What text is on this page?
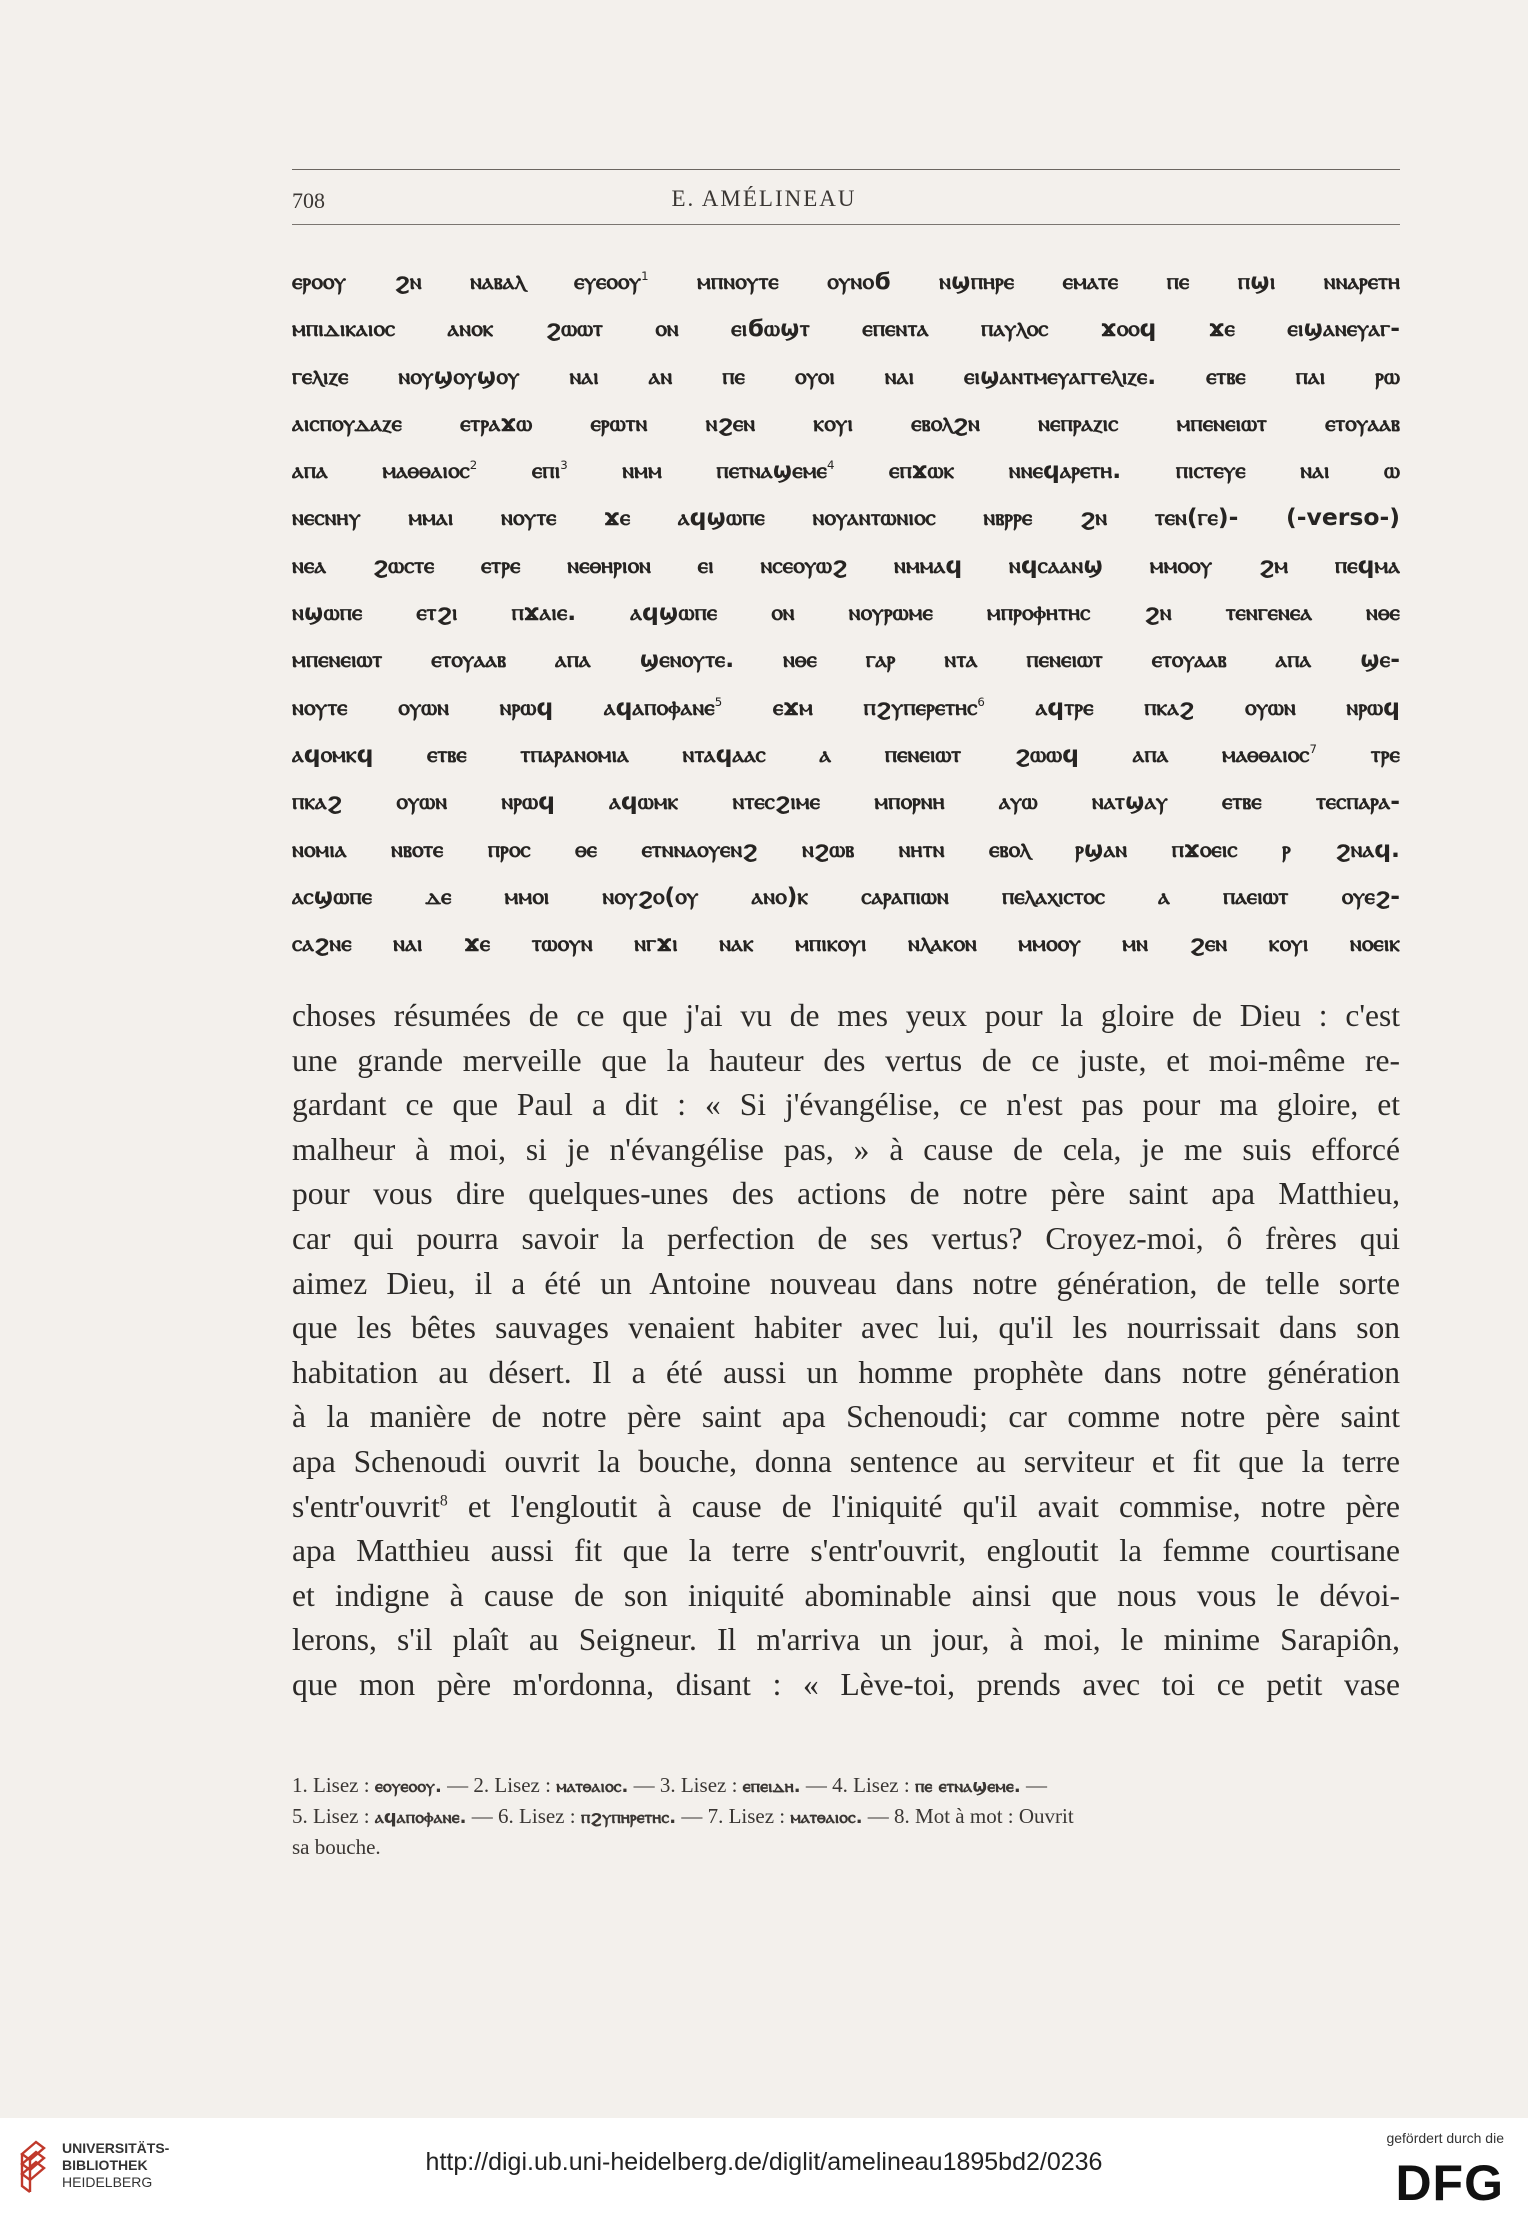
708	E. AMÉLINEAU
ⲉⲣⲟⲟⲩ ϩⲛ ⲛⲁⲃⲁⲗ ⲉⲩⲉⲟⲟⲩ$^1$ ⲙⲡⲛⲟⲩⲧⲉ ⲟⲩⲛⲟϭ ⲛϣⲡⲏⲣⲉ ⲉⲙⲁⲧⲉ ⲡⲉ ⲡϣⲓ ⲛⲛⲁⲣⲉⲧⲏ
ⲙⲡⲓⲇⲓⲕⲁⲓⲟⲥ ⲁⲛⲟⲕ ϩⲱⲱⲧ ⲟⲛ ⲉⲓϭⲱϣⲧ ⲉⲡⲉⲛⲧⲁ ⲡⲁⲩⲗⲟⲥ ϫⲟⲟϥ ϫⲉ ⲉⲓϣⲁⲛⲉⲩⲁⲅ-
ⲅⲉⲗⲓⲍⲉ ⲛⲟⲩϣⲟⲩϣⲟⲩ ⲛⲁⲓ ⲁⲛ ⲡⲉ ⲟⲩⲟⲓ ⲛⲁⲓ ⲉⲓϣⲁⲛⲧⲙⲉⲩⲁⲅⲅⲉⲗⲓⲍⲉ. ⲉⲧⲃⲉ ⲡⲁⲓ ⲣⲱ
ⲁⲓⲥⲡⲟⲩⲇⲁⲍⲉ ⲉⲧⲣⲁϫⲱ ⲉⲣⲱⲧⲛ ⲛϩⲉⲛ ⲕⲟⲩⲓ ⲉⲃⲟⲗϩⲛ ⲛⲉⲡⲣⲁⲍⲓⲥ ⲙⲡⲉⲛⲉⲓⲱⲧ ⲉⲧⲟⲩⲁⲁⲃ
ⲁⲡⲁ ⲙⲁⲑⲑⲁⲓⲟⲥ$^2$ ⲉⲡⲓ$^3$ ⲛⲙⲙ ⲡⲉⲧⲛⲁϣⲉⲙⲉ$^4$ ⲉⲡϫⲱⲕ ⲛⲛⲉϥⲁⲣⲉⲧⲏ. ⲡⲓⲥⲧⲉⲩⲉ ⲛⲁⲓ ⲱ
ⲛⲉⲥⲛⲏⲩ ⲙⲙⲁⲓ ⲛⲟⲩⲧⲉ ϫⲉ ⲁϥϣⲱⲡⲉ ⲛⲟⲩⲁⲛⲧⲱⲛⲓⲟⲥ ⲛⲃⲣⲣⲉ ϩⲛ ⲧⲉⲛ(ⲅⲉ)- (-verso-)
ⲛⲉⲁ ϩⲱⲥⲧⲉ ⲉⲧⲣⲉ ⲛⲉⲑⲏⲣⲓⲟⲛ ⲉⲓ ⲛⲥⲉⲟⲩⲱϩ ⲛⲙⲙⲁϥ ⲛϥⲥⲁⲁⲛϣ ⲙⲙⲟⲟⲩ ϩⲙ ⲡⲉϥⲙⲁ
ⲛϣⲱⲡⲉ ⲉⲧϩⲓ ⲡϫⲁⲓⲉ. ⲁϥϣⲱⲡⲉ ⲟⲛ ⲛⲟⲩⲣⲱⲙⲉ ⲙⲡⲣⲟⲫⲏⲧⲏⲥ ϩⲛ ⲧⲉⲛⲅⲉⲛⲉⲁ ⲛⲑⲉ
ⲙⲡⲉⲛⲉⲓⲱⲧ ⲉⲧⲟⲩⲁⲁⲃ ⲁⲡⲁ ϣⲉⲛⲟⲩⲧⲉ. ⲛⲑⲉ ⲅⲁⲣ ⲛⲧⲁ ⲡⲉⲛⲉⲓⲱⲧ ⲉⲧⲟⲩⲁⲁⲃ ⲁⲡⲁ ϣⲉ-
ⲛⲟⲩⲧⲉ ⲟⲩⲱⲛ ⲛⲣⲱϥ ⲁϥⲁⲡⲟⲫⲁⲛⲉ$^5$ ⲉϫⲙ ⲡϩⲩⲡⲉⲣⲉⲧⲏⲥ$^6$ ⲁϥⲧⲣⲉ ⲡⲕⲁϩ ⲟⲩⲱⲛ ⲛⲣⲱϥ
ⲁϥⲟⲙⲕϥ ⲉⲧⲃⲉ ⲧⲡⲁⲣⲁⲛⲟⲙⲓⲁ ⲛⲧⲁϥⲁⲁⲥ ⲁ ⲡⲉⲛⲉⲓⲱⲧ ϩⲱⲱϥ ⲁⲡⲁ ⲙⲁⲑⲑⲁⲓⲟⲥ$^7$ ⲧⲣⲉ
ⲡⲕⲁϩ ⲟⲩⲱⲛ ⲛⲣⲱϥ ⲁϥⲱⲙⲕ ⲛⲧⲉⲥϩⲓⲙⲉ ⲙⲡⲟⲣⲛⲏ ⲁⲩⲱ ⲛⲁⲧϣⲁⲩ ⲉⲧⲃⲉ ⲧⲉⲥⲡⲁⲣⲁ-
ⲛⲟⲙⲓⲁ ⲛⲃⲟⲧⲉ ⲡⲣⲟⲥ ⲑⲉ ⲉⲧⲛⲛⲁⲟⲩⲉⲛϩ ⲛϩⲱⲃ ⲛⲏⲧⲛ ⲉⲃⲟⲗ ⲣϣⲁⲛ ⲡϫⲟⲉⲓⲥ ⲣ ϩⲛⲁϥ.
ⲁⲥϣⲱⲡⲉ ⲇⲉ ⲙⲙⲟⲓ ⲛⲟⲩϩⲟ(ⲟⲩ ⲁⲛⲟ)ⲕ ⲥⲁⲣⲁⲡⲓⲱⲛ ⲡⲉⲗⲁⲭⲓⲥⲧⲟⲥ ⲁ ⲡⲁⲉⲓⲱⲧ ⲟⲩⲉϩ-
ⲥⲁϩⲛⲉ ⲛⲁⲓ ϫⲉ ⲧⲱⲟⲩⲛ ⲛⲅϫⲓ ⲛⲁⲕ ⲙⲡⲓⲕⲟⲩⲓ ⲛⲗⲁⲕⲟⲛ ⲙⲙⲟⲟⲩ ⲙⲛ ϩⲉⲛ ⲕⲟⲩⲓ ⲛⲟⲉⲓⲕ
choses résumées de ce que j'ai vu de mes yeux pour la gloire de Dieu : c'est
une grande merveille que la hauteur des vertus de ce juste, et moi-même re-
gardant ce que Paul a dit : « Si j'évangélise, ce n'est pas pour ma gloire, et
malheur à moi, si je n'évangélise pas, » à cause de cela, je me suis efforcé
pour vous dire quelques-unes des actions de notre père saint apa Matthieu,
car qui pourra savoir la perfection de ses vertus? Croyez-moi, ô frères qui
aimez Dieu, il a été un Antoine nouveau dans notre génération, de telle sorte
que les bêtes sauvages venaient habiter avec lui, qu'il les nourrissait dans son
habitation au désert. Il a été aussi un homme prophète dans notre génération
à la manière de notre père saint apa Schenoudi; car comme notre père saint
apa Schenoudi ouvrit la bouche, donna sentence au serviteur et fit que la terre
s'entr'ouvrit$^8$ et l'engloutit à cause de l'iniquité qu'il avait commise, notre père
apa Matthieu aussi fit que la terre s'entr'ouvrit, engloutit la femme courtisane
et indigne à cause de son iniquité abominable ainsi que nous vous le dévoi-
lerons, s'il plaît au Seigneur. Il m'arriva un jour, à moi, le minime Sarapiôn,
que mon père m'ordonna, disant : « Lève-toi, prends avec toi ce petit vase
1. Lisez : ⲉⲟⲩⲉⲟⲟⲩ. — 2. Lisez : ⲙⲁⲧⲑⲁⲓⲟⲥ. — 3. Lisez : ⲉⲡⲉⲓⲇⲏ. — 4. Lisez : ⲡⲉ ⲉⲧⲛⲁϣⲉⲙⲉ. —
5. Lisez : ⲁϥⲁⲡⲟⲫⲁⲛⲉ. — 6. Lisez : ⲡϩⲩⲡⲏⲣⲉⲧⲏⲥ. — 7. Lisez : ⲙⲁⲧⲑⲁⲓⲟⲥ. — 8. Mot à mot : Ouvrit
sa bouche.
UNIVERSITÄTS-
BIBLIOTHEK
HEIDELBERG
http://digi.ub.uni-heidelberg.de/diglit/amelineau1895bd2/0236
gefördert durch die
DFG
